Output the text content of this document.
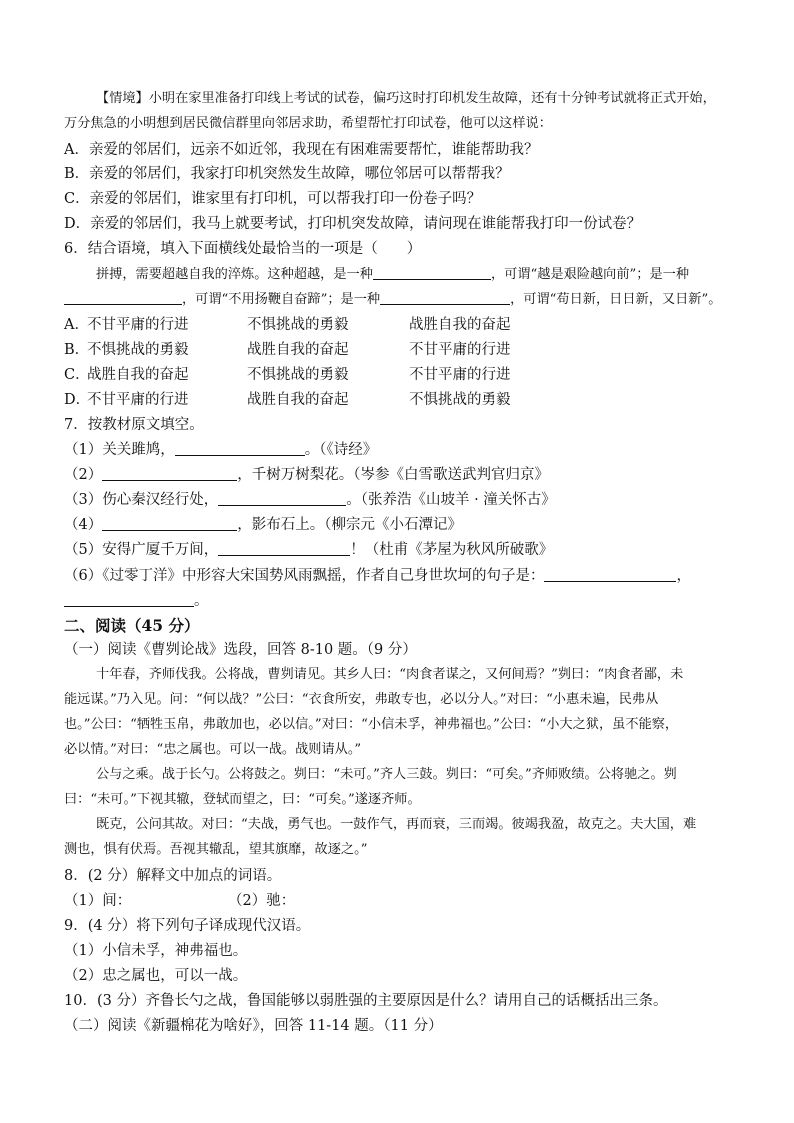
【情境】小明在家里准备打印线上考试的试卷，偏巧这时打印机发生故障，还有十分钟考试就将正式开始，
万分焦急的小明想到居民微信群里向邻居求助，希望帮忙打印试卷，他可以这样说：
A．亲爱的邻居们，远亲不如近邻，我现在有困难需要帮忙，谁能帮助我？
B．亲爱的邻居们，我家打印机突然发生故障，哪位邻居可以帮帮我？
C．亲爱的邻居们，谁家里有打印机，可以帮我打印一份卷子吗？
D．亲爱的邻居们，我马上就要考试，打印机突发故障，请问现在谁能帮我打印一份试卷？
6．结合语境，填入下面横线处最恰当的一项是（　　）
拼搏，需要超越自我的淬炼。这种超越，是一种	，可谓“越是艰险越向前”；是一种
，可谓“不用扬鞭自奋蹄”；是一种	，可谓“苟日新，日日新，又日新”。
A．
不甘平庸的行进	不惧挑战的勇毅	战胜自我的奋起
B．
不惧挑战的勇毅	战胜自我的奋起	不甘平庸的行进
C．
战胜自我的奋起	不惧挑战的勇毅	不甘平庸的行进
D．
不甘平庸的行进	战胜自我的奋起	不惧挑战的勇毅
7．按教材原文填空。
（1）关关雎鸠，	。（《诗经》
（2）	，千树万树梨花。（岑参《白雪歌送武判官归京》
（3）伤心秦汉经行处，	。（张养浩《山坡羊 · 潼关怀古》
（4）	，影布石上。（柳宗元《小石潭记》
（5）安得广厦千万间，	！（杜甫《茅屋为秋风所破歌》
（6）《过零丁洋》中形容大宋国势风雨飘摇，作者自己身世坎坷的句子是：	，
。
二、阅读（45 分）
（一）阅读《曹刿论战》选段，回答 8-10 题。（9 分）
十年春，齐师伐我。公将战，曹刿请见。其乡人曰：“肉食者谋之，又何间焉？”刿曰：“肉食者鄙，未
能远谋。”乃入见。问：“何以战？”公曰：“衣食所安，弗敢专也，必以分人。”对曰：“小惠未遍，民弗从
也。”公曰：“牺牲玉帛，弗敢加也，必以信。”对曰：“小信未孚，神弗福也。”公曰：“小大之狱，虽不能察，
必以情。”对曰：“忠之属也。可以一战。战则请从。”
公与之乘。战于长勺。公将鼓之。刿曰：“未可。”齐人三鼓。刿曰：“可矣。”齐师败绩。公将驰之。刿
曰：“未可。”下视其辙，登轼而望之，曰：“可矣。”遂逐齐师。
既克，公问其故。对曰：“夫战，勇气也。一鼓作气，再而衰，三而竭。彼竭我盈，故克之。夫大国，难
测也，惧有伏焉。吾视其辙乱，望其旗靡，故逐之。”
8．(2 分）解释文中加点的词语。
（1）间：	（2）驰：
9．(4 分）将下列句子译成现代汉语。
（1）小信未孚，神弗福也。
（2）忠之属也，可以一战。
10．(3 分）齐鲁长勺之战，鲁国能够以弱胜强的主要原因是什么？请用自己的话概括出三条。
（二）阅读《新疆棉花为啥好》，回答 11-14 题。（11 分）
